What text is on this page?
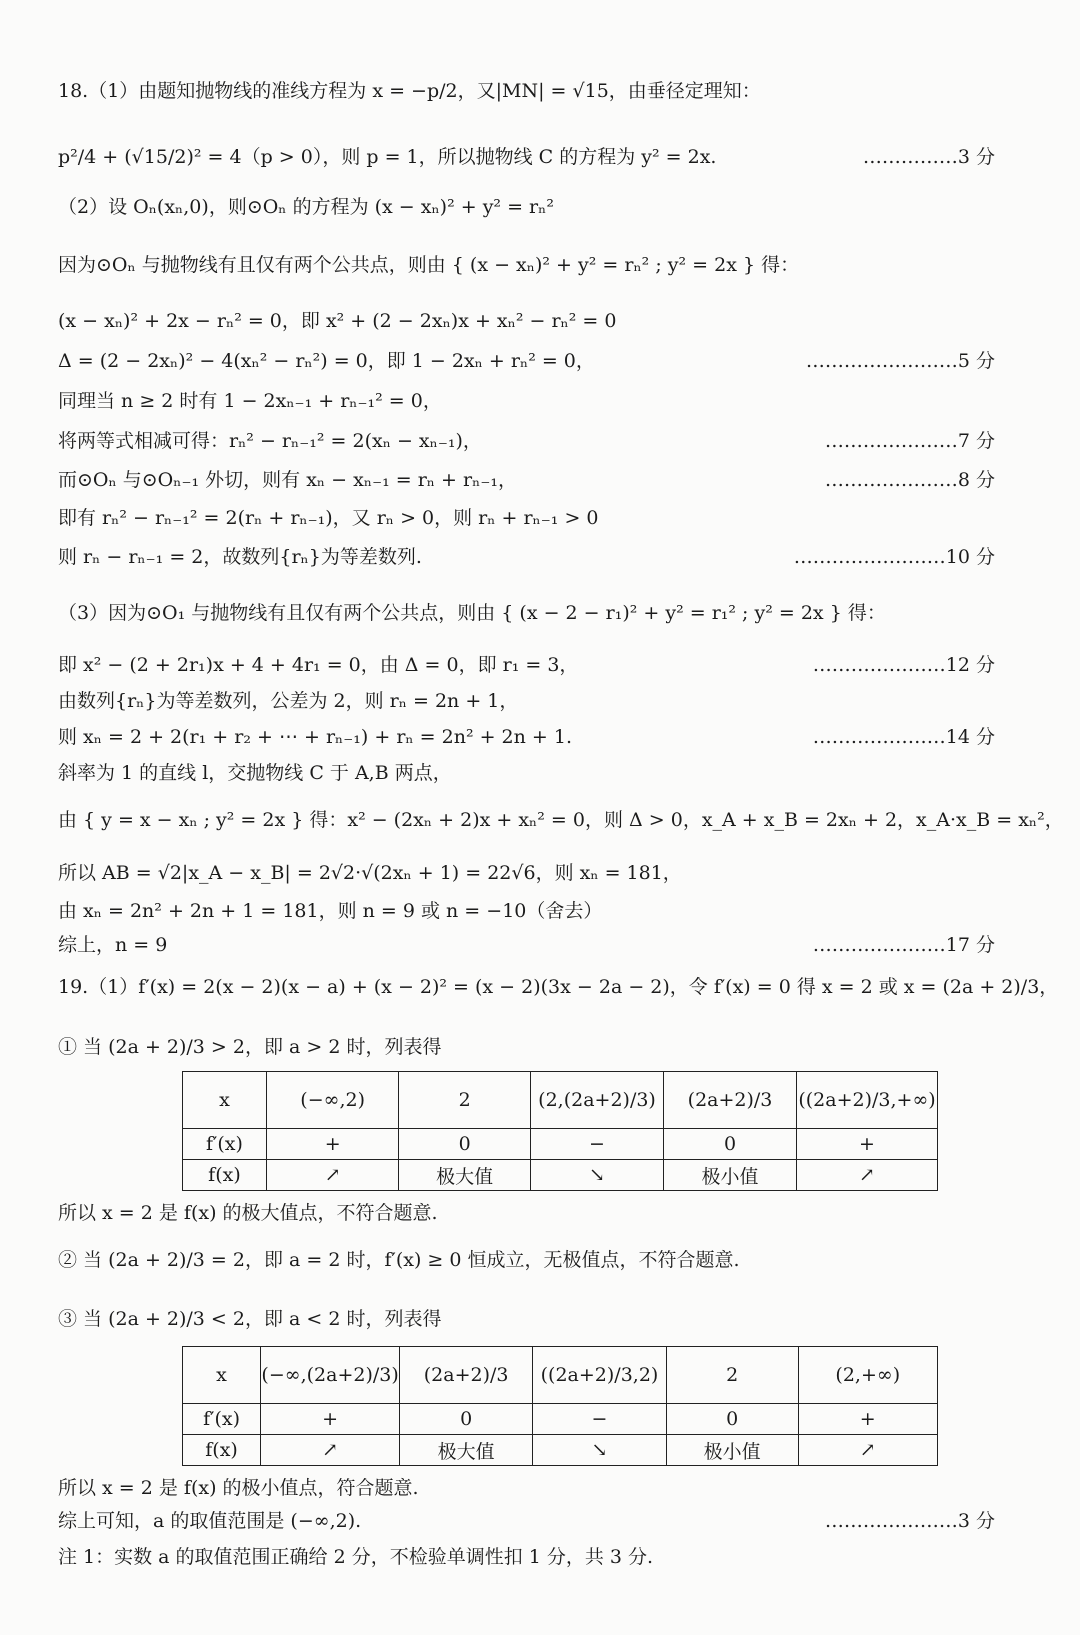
18.（1）由题知抛物线的准线方程为 x = −p/2，又|MN| = √15，由垂径定理知：
p²/4 + (√15/2)² = 4（p > 0），则 p = 1，所以抛物线 C 的方程为 y² = 2x.	……………3 分
（2）设 Oₙ(xₙ,0)，则⊙Oₙ 的方程为 (x − xₙ)² + y² = rₙ²
因为⊙Oₙ 与抛物线有且仅有两个公共点，则由 { (x − xₙ)² + y² = rₙ² ; y² = 2x } 得：
(x − xₙ)² + 2x − rₙ² = 0，即 x² + (2 − 2xₙ)x + xₙ² − rₙ² = 0
Δ = (2 − 2xₙ)² − 4(xₙ² − rₙ²) = 0，即 1 − 2xₙ + rₙ² = 0，	……………………5 分
同理当 n ≥ 2 时有 1 − 2xₙ₋₁ + rₙ₋₁² = 0，
将两等式相减可得：rₙ² − rₙ₋₁² = 2(xₙ − xₙ₋₁)，	…………………7 分
而⊙Oₙ 与⊙Oₙ₋₁ 外切，则有 xₙ − xₙ₋₁ = rₙ + rₙ₋₁，	…………………8 分
即有 rₙ² − rₙ₋₁² = 2(rₙ + rₙ₋₁)，又 rₙ > 0，则 rₙ + rₙ₋₁ > 0
则 rₙ − rₙ₋₁ = 2，故数列{rₙ}为等差数列.	……………………10 分
（3）因为⊙O₁ 与抛物线有且仅有两个公共点，则由 { (x − 2 − r₁)² + y² = r₁² ; y² = 2x } 得：
即 x² − (2 + 2r₁)x + 4 + 4r₁ = 0，由 Δ = 0，即 r₁ = 3，	…………………12 分
由数列{rₙ}为等差数列，公差为 2，则 rₙ = 2n + 1，
则 xₙ = 2 + 2(r₁ + r₂ + ⋯ + rₙ₋₁) + rₙ = 2n² + 2n + 1.	…………………14 分
斜率为 1 的直线 l，交抛物线 C 于 A,B 两点，
由 { y = x − xₙ ; y² = 2x } 得：x² − (2xₙ + 2)x + xₙ² = 0，则 Δ > 0，x_A + x_B = 2xₙ + 2，x_A·x_B = xₙ²，
所以 AB = √2|x_A − x_B| = 2√2·√(2xₙ + 1) = 22√6，则 xₙ = 181，
由 xₙ = 2n² + 2n + 1 = 181，则 n = 9 或 n = −10（舍去）
综上，n = 9	…………………17 分
19.（1）f′(x) = 2(x − 2)(x − a) + (x − 2)² = (x − 2)(3x − 2a − 2)，令 f′(x) = 0 得 x = 2 或 x = (2a + 2)/3，
① 当 (2a + 2)/3 > 2，即 a > 2 时，列表得
x	(−∞,2)	2	(2,(2a+2)/3)	(2a+2)/3	((2a+2)/3,+∞)
f′(x)	+	0	−	0	+
f(x)	↗	极大值	↘	极小值	↗
所以 x = 2 是 f(x) 的极大值点，不符合题意.
② 当 (2a + 2)/3 = 2，即 a = 2 时，f′(x) ≥ 0 恒成立，无极值点，不符合题意.
③ 当 (2a + 2)/3 < 2，即 a < 2 时，列表得
x	(−∞,(2a+2)/3)	(2a+2)/3	((2a+2)/3,2)	2	(2,+∞)
f′(x)	+	0	−	0	+
f(x)	↗	极大值	↘	极小值	↗
所以 x = 2 是 f(x) 的极小值点，符合题意.
综上可知，a 的取值范围是 (−∞,2).	…………………3 分
注 1：实数 a 的取值范围正确给 2 分，不检验单调性扣 1 分，共 3 分.
